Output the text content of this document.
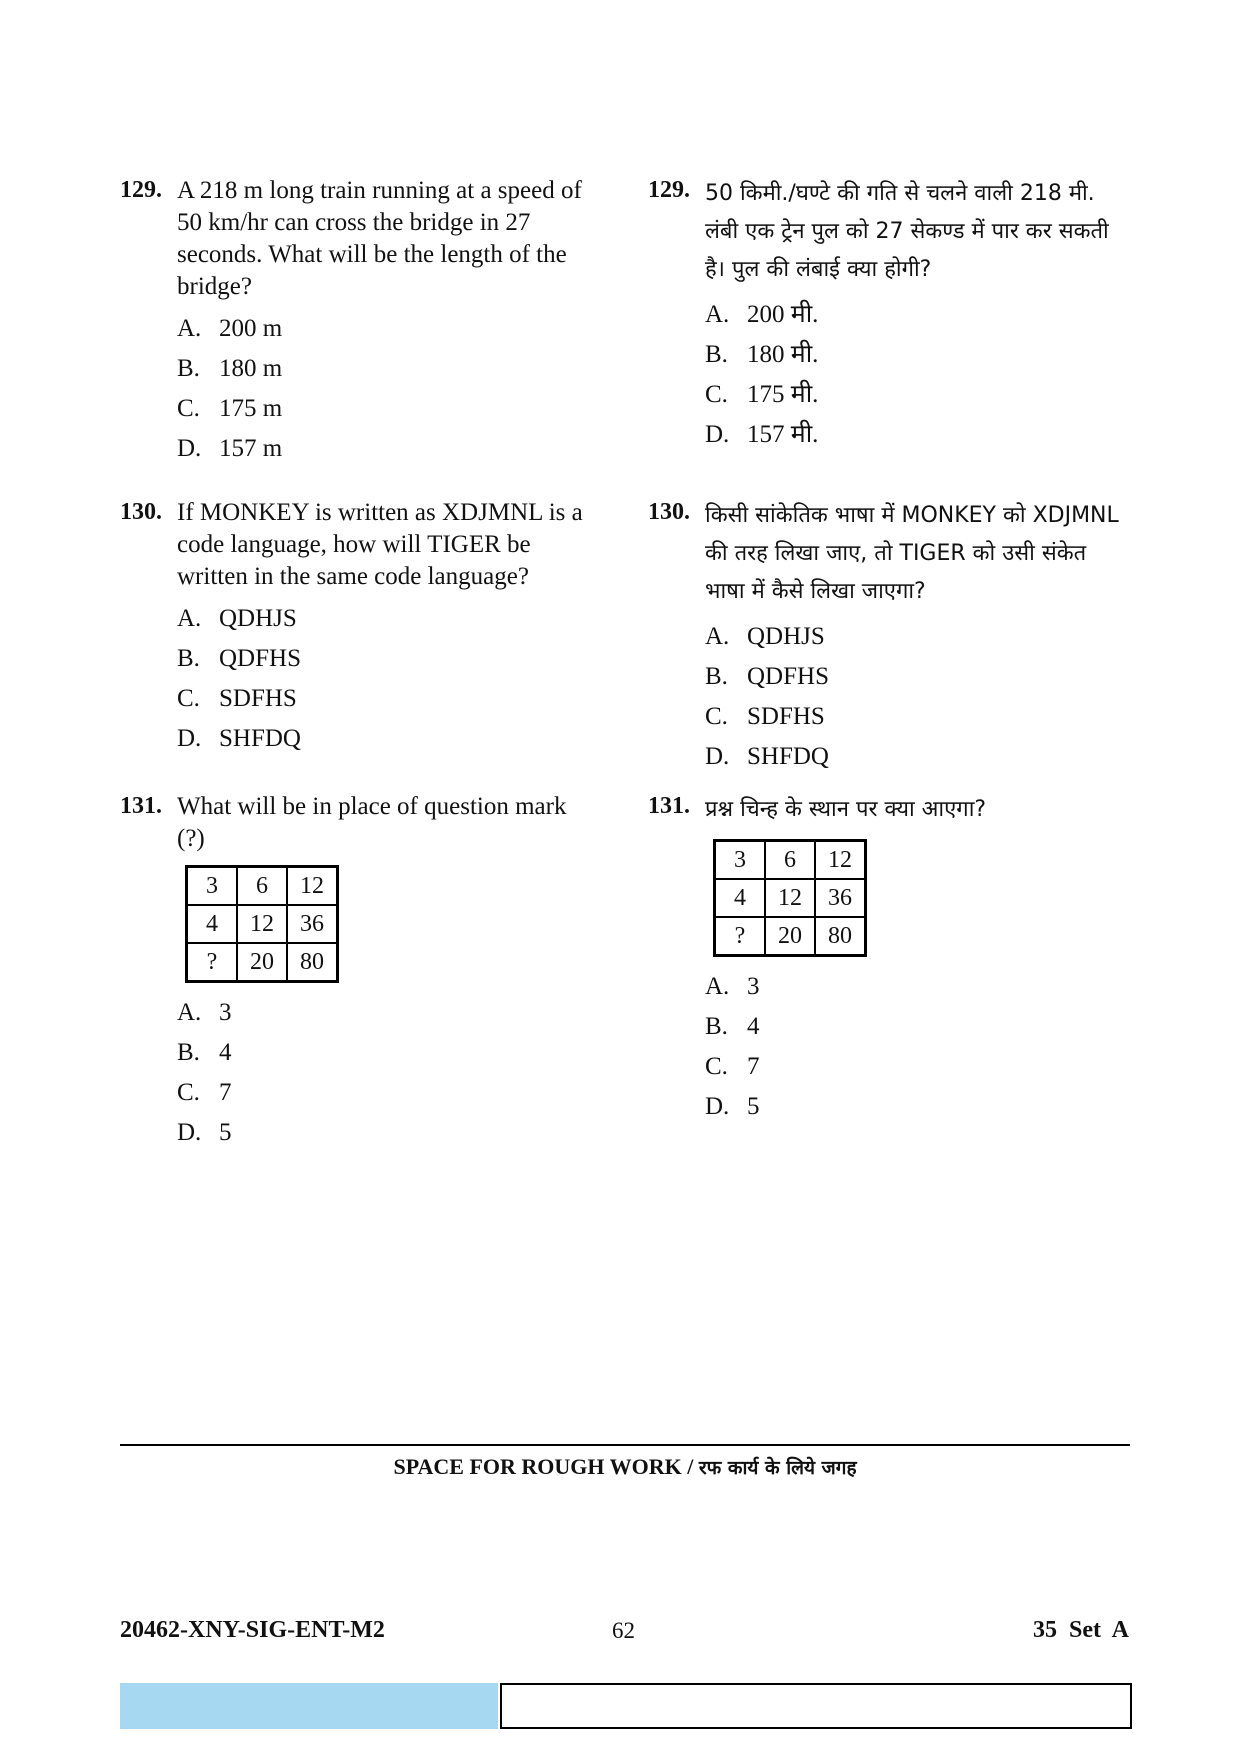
129. A 218 m long train running at a speed of 50 km/hr can cross the bridge in 27 seconds. What will be the length of the bridge?
A. 200 m
B. 180 m
C. 175 m
D. 157 m
130. If MONKEY is written as XDJMNL is a code language, how will TIGER be written in the same code language?
A. QDHJS
B. QDFHS
C. SDFHS
D. SHFDQ
131. What will be in place of question mark (?)
3	6	12
4	12	36
?	20	80
A. 3
B. 4
C. 7
D. 5
129. 50 किमी./घण्टे की गति से चलने वाली 218 मी. लंबी एक ट्रेन पुल को 27 सेकण्ड में पार कर सकती है। पुल की लंबाई क्या होगी?
A. 200 मी.
B. 180 मी.
C. 175 मी.
D. 157 मी.
130. किसी सांकेतिक भाषा में MONKEY को XDJMNL की तरह लिखा जाए, तो TIGER को उसी संकेत भाषा में कैसे लिखा जाएगा?
A. QDHJS
B. QDFHS
C. SDFHS
D. SHFDQ
131. प्रश्न चिन्ह के स्थान पर क्या आएगा?
3	6	12
4	12	36
?	20	80
A. 3
B. 4
C. 7
D. 5
SPACE FOR ROUGH WORK / रफ कार्य के लिये जगह
20462-XNY-SIG-ENT-M2	62	35 Set A
